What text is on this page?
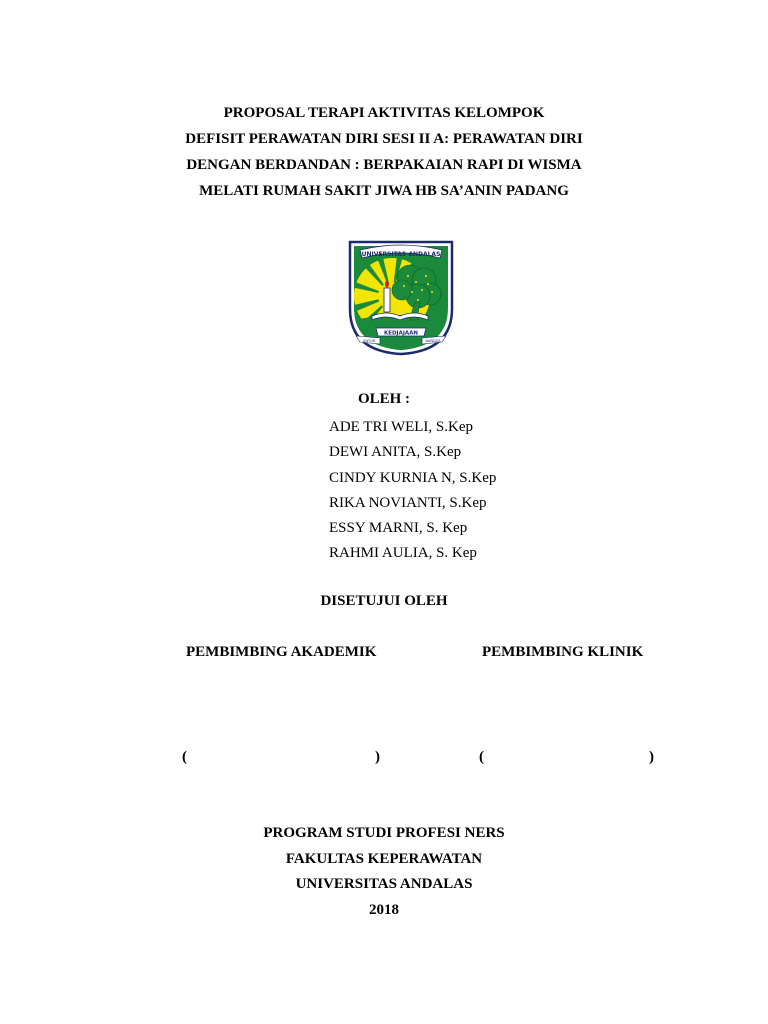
PROPOSAL TERAPI AKTIVITAS KELOMPOK
DEFISIT PERAWATAN DIRI SESI II A: PERAWATAN DIRI
DENGAN BERDANDAN : BERPAKAIAN RAPI DI WISMA
MELATI RUMAH SAKIT JIWA HB SA’ANIN PADANG
UNIVERSITAS ANDALAS
KEDJAJAAN
UNTUK	BANGSA
OLEH :
ADE TRI WELI, S.Kep
DEWI ANITA, S.Kep
CINDY KURNIA N, S.Kep
RIKA NOVIANTI, S.Kep
ESSY MARNI, S. Kep
RAHMI AULIA, S. Kep
DISETUJUI OLEH
PEMBIMBING AKADEMIK	PEMBIMBING KLINIK
(	)	(	)
PROGRAM STUDI PROFESI NERS
FAKULTAS KEPERAWATAN
UNIVERSITAS ANDALAS
2018
